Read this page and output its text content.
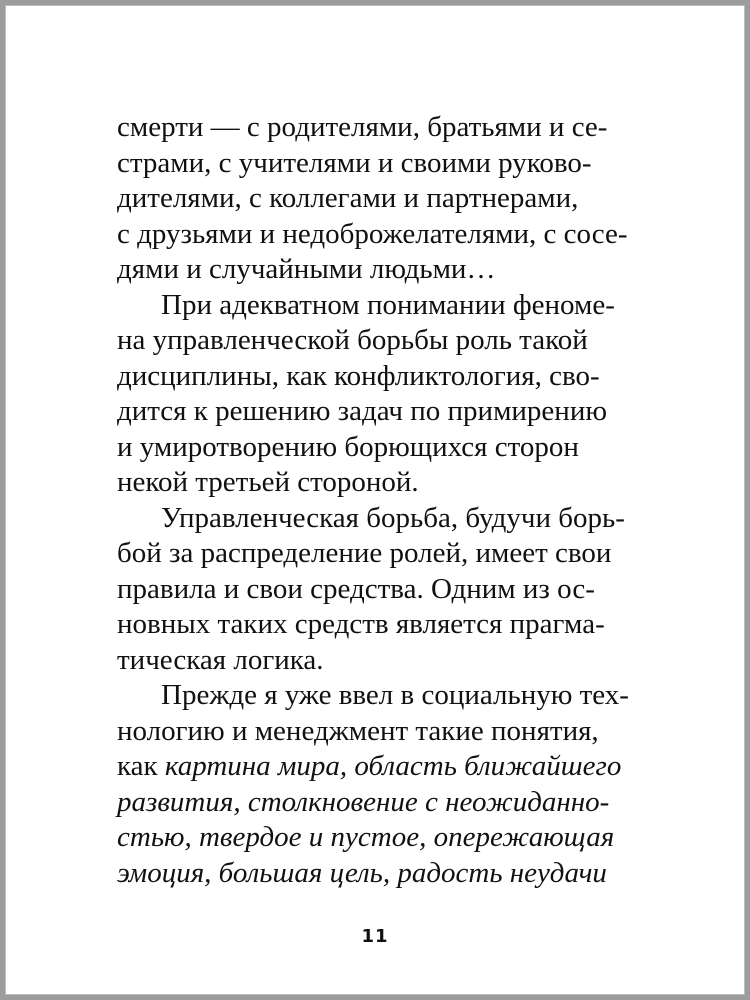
смерти — с родителями, братьями и се-
страми, с учителями и своими руково-
дителями, с коллегами и партнерами,
с друзьями и недоброжелателями, с сосе-
дями и случайными людьми…
При адекватном понимании феноме-
на управленческой борьбы роль такой
дисциплины, как конфликтология, сво-
дится к решению задач по примирению
и умиротворению борющихся сторон
некой третьей стороной.
Управленческая борьба, будучи борь-
бой за распределение ролей, имеет свои
правила и свои средства. Одним из ос-
новных таких средств является прагма-
тическая логика.
Прежде я уже ввел в социальную тех-
нологию и менеджмент такие понятия,
как картина мира, область ближайшего
развития, столкновение с неожиданно-
стью, твердое и пустое, опережающая
эмоция, большая цель, радость неудачи
11
